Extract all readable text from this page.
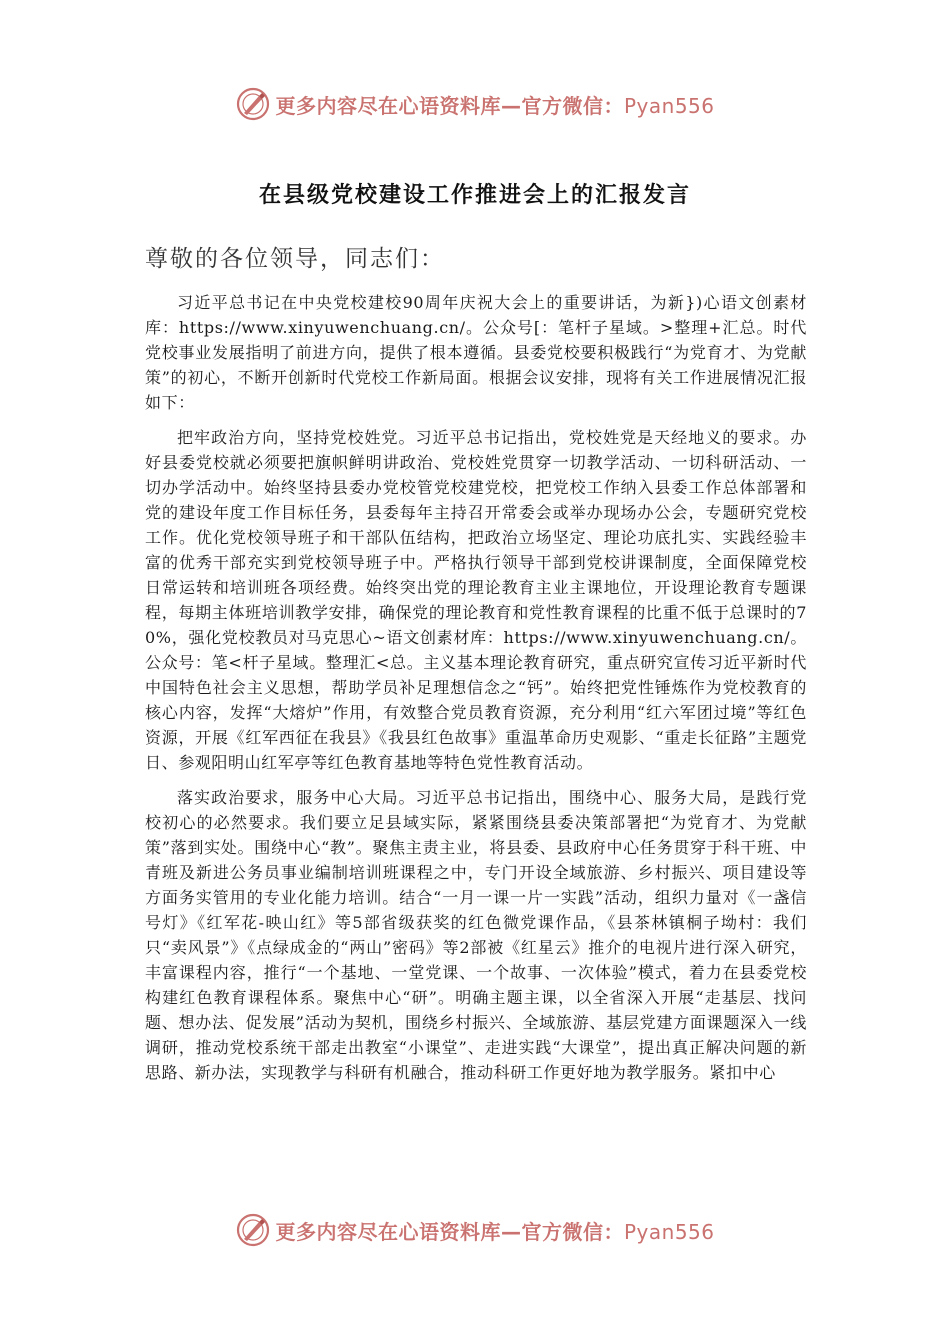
更多内容尽在心语资料库—官方微信：Pyan556
在县级党校建设工作推进会上的汇报发言
尊敬的各位领导，同志们：

习近平总书记在中央党校建校90周年庆祝大会上的重要讲话，为新})心语文创素材库：https://www.xinyuwenchuang.cn/。公众号[：笔杆子星域。>整理+汇总。时代党校事业发展指明了前进方向，提供了根本遵循。县委党校要积极践行“为党育才、为党献策”的初心，不断开创新时代党校工作新局面。根据会议安排，现将有关工作进展情况汇报如下：

把牢政治方向，坚持党校姓党。习近平总书记指出，党校姓党是天经地义的要求。办好县委党校就必须要把旗帜鲜明讲政治、党校姓党贯穿一切教学活动、一切科研活动、一切办学活动中。始终坚持县委办党校管党校建党校，把党校工作纳入县委工作总体部署和党的建设年度工作目标任务，县委每年主持召开常委会或举办现场办公会，专题研究党校工作。优化党校领导班子和干部队伍结构，把政治立场坚定、理论功底扎实、实践经验丰富的优秀干部充实到党校领导班子中。严格执行领导干部到党校讲课制度，全面保障党校日常运转和培训班各项经费。始终突出党的理论教育主业主课地位，开设理论教育专题课程，每期主体班培训教学安排，确保党的理论教育和党性教育课程的比重不低于总课时的70%，强化党校教员对马克思心~语文创素材库：https://www.xinyuwenchuang.cn/。公众号：笔<杆子星域。整理汇<总。主义基本理论教育研究，重点研究宣传习近平新时代中国特色社会主义思想，帮助学员补足理想信念之“钙”。始终把党性锤炼作为党校教育的核心内容，发挥“大熔炉”作用，有效整合党员教育资源，充分利用“红六军团过境”等红色资源，开展《红军西征在我县》《我县红色故事》重温革命历史观影、“重走长征路”主题党日、参观阳明山红军亭等红色教育基地等特色党性教育活动。

落实政治要求，服务中心大局。习近平总书记指出，围绕中心、服务大局，是践行党校初心的必然要求。我们要立足县域实际，紧紧围绕县委决策部署把“为党育才、为党献策”落到实处。围绕中心“教”。聚焦主责主业，将县委、县政府中心任务贯穿于科干班、中青班及新进公务员事业编制培训班课程之中，专门开设全域旅游、乡村振兴、项目建设等方面务实管用的专业化能力培训。结合“一月一课一片一实践”活动，组织力量对《一盏信号灯》《红军花-映山红》等5部省级获奖的红色微党课作品，《县茶林镇桐子坳村：我们只“卖风景”》《点绿成金的“两山”密码》等2部被《红星云》推介的电视片进行深入研究，丰富课程内容，推行“一个基地、一堂党课、一个故事、一次体验”模式，着力在县委党校构建红色教育课程体系。聚焦中心“研”。明确主题主课，以全省深入开展“走基层、找问题、想办法、促发展”活动为契机，围绕乡村振兴、全域旅游、基层党建方面课题深入一线调研，推动党校系统干部走出教室“小课堂”、走进实践“大课堂”，提出真正解决问题的新思路、新办法，实现教学与科研有机融合，推动科研工作更好地为教学服务。紧扣中心

更多内容尽在心语资料库—官方微信：Pyan556
